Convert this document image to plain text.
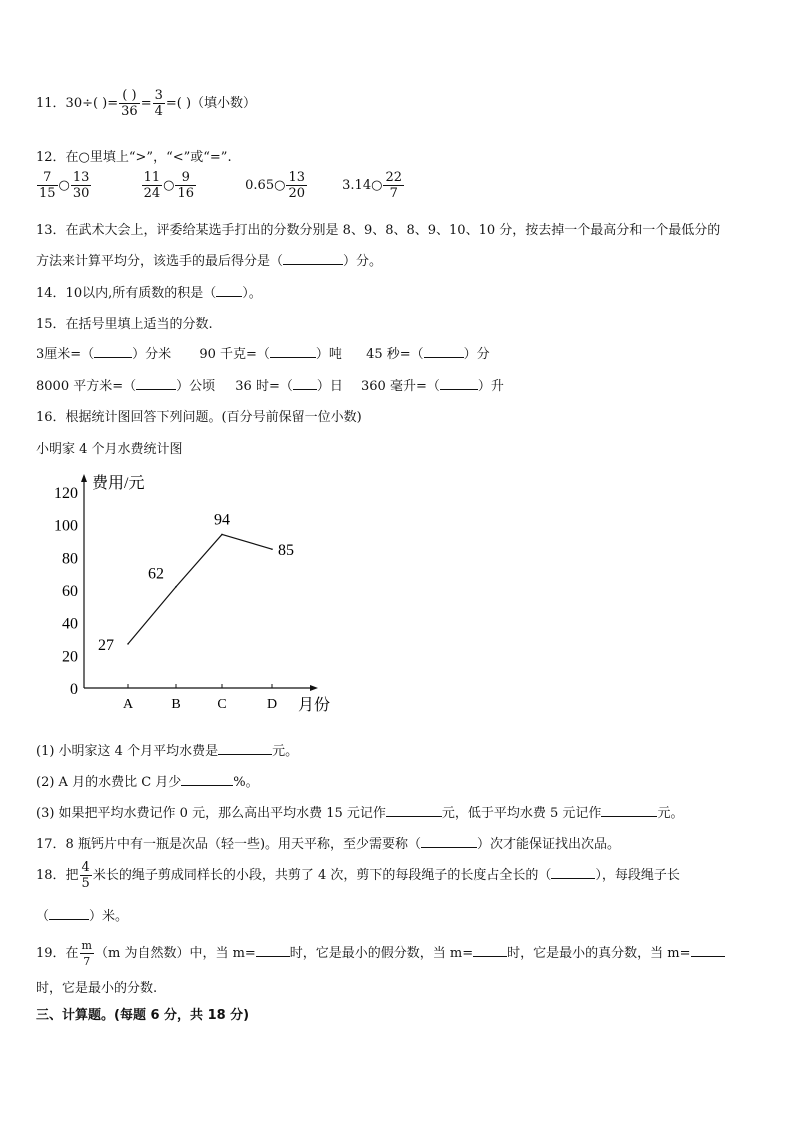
11．30÷( )= $\frac{( )}{36} = \frac{3}{4}$ =( )（填小数）
12．在○里填上“>”，“<”或“=”.
$\frac{7}{15}$ ○ $\frac{13}{30}$
	$\frac{11}{24}$ ○ $\frac{9}{16}$	0.65○ $\frac{13}{20}$	3.14○ $\frac{22}{7}$
13．在武术大会上，评委给某选手打出的分数分别是 8、9、8、8、9、10、10 分，按去掉一个最高分和一个最低分的
方法来计算平均分，该选手的最后得分是（	）分。
14．10以内,所有质数的积是（ ）。
15．在括号里填上适当的分数.
3厘米=（	）分米 90 千克=（	）吨 45 秒=（	）分
8000 平方米=（	）公顷 36 时=（ ）日 360 毫升=（	）升
16．根据统计图回答下列问题。(百分号前保留一位小数)
小明家 4 个月水费统计图
费用/元
月份
0
20
40
60
80
100
120
A	B	C	D
27
62
94
85
(1) 小明家这 4 个月平均水费是	元。
(2) A 月的水费比 C 月少	%。
(3) 如果把平均水费记作 0 元，那么高出平均水费 15 元记作	元，低于平均水费 5 元记作	元。
17．8 瓶钙片中有一瓶是次品（轻一些)。用天平称，至少需要称（	）次才能保证找出次品。
18．把 $\frac{4}{5}$ 米长的绳子剪成同样长的小段，共剪了 4 次，剪下的每段绳子的长度占全长的（	），每段绳子长
（	）米。
19．在 $\frac{m}{7} (m$ 为自然数）中，当 m=	时，它是最小的假分数，当 m=	时，它是最小的真分数，当 m=
时，它是最小的分数.
三、计算题。(每题 6 分，共 18 分)
